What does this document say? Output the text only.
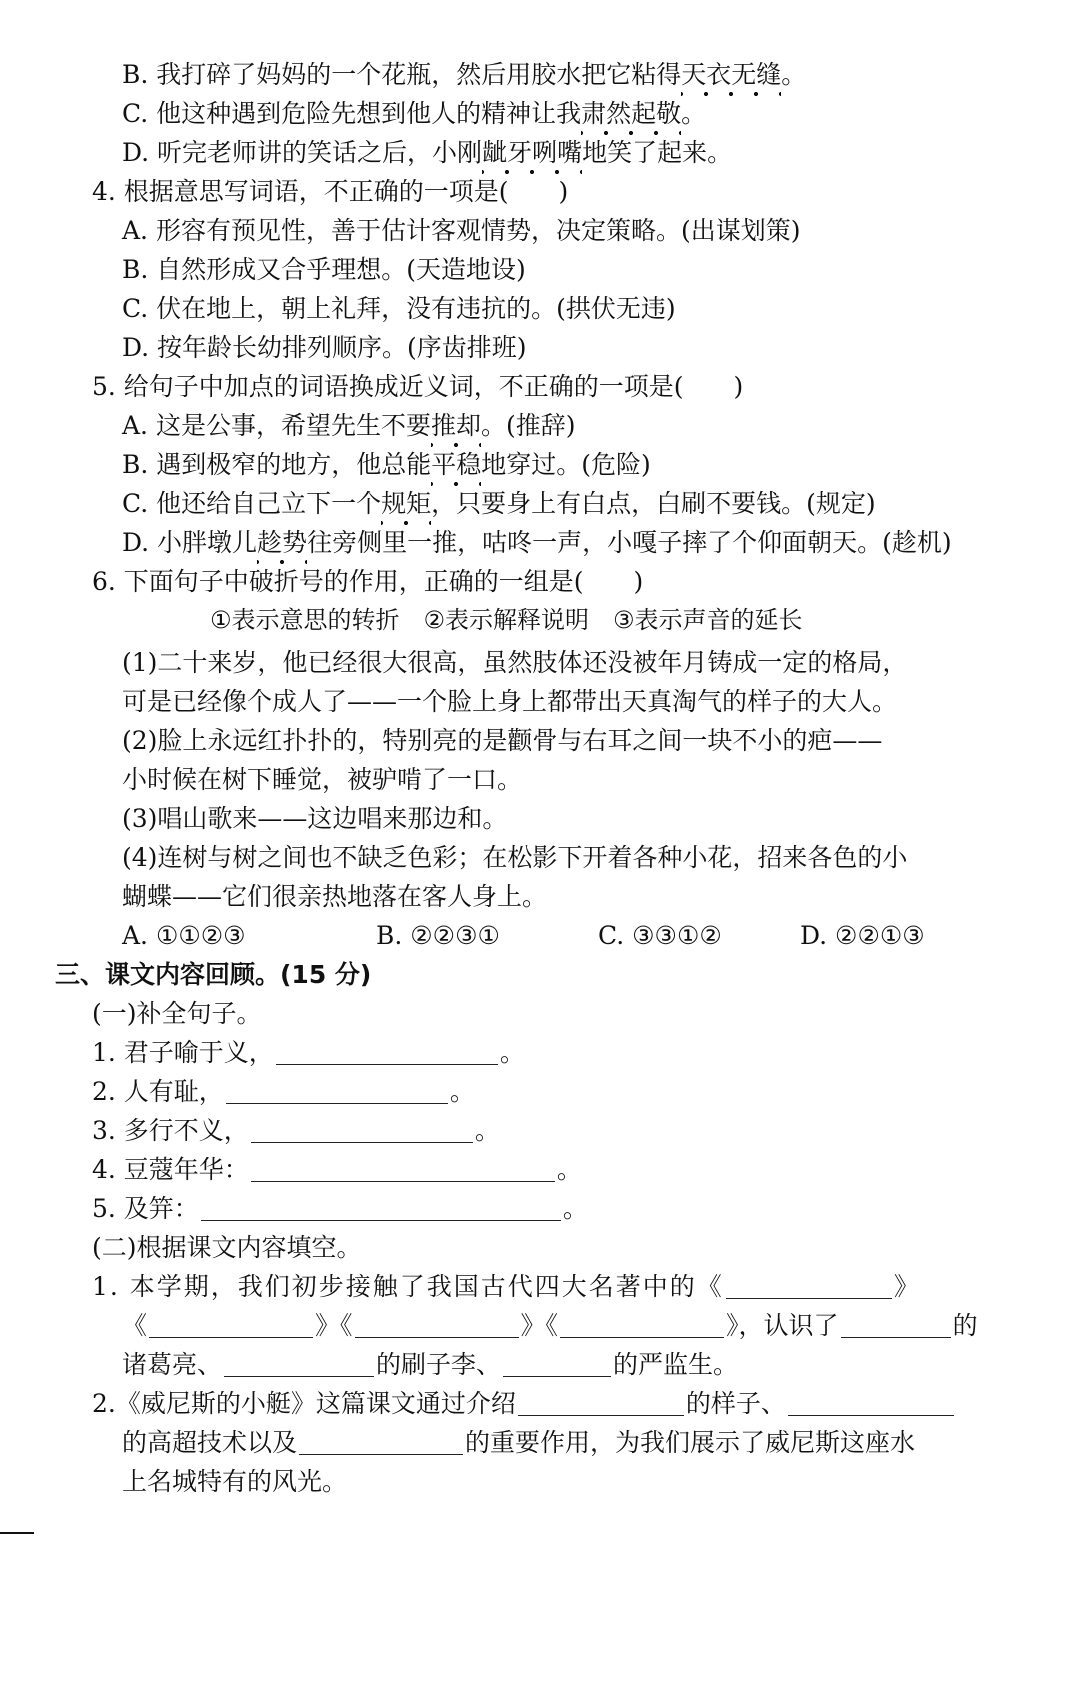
B. 我打碎了妈妈的一个花瓶，然后用胶水把它粘得天衣无缝。
C. 他这种遇到危险先想到他人的精神让我肃然起敬。
D. 听完老师讲的笑话之后，小刚龇牙咧嘴地笑了起来。
4. 根据意思写词语，不正确的一项是(　　)
A. 形容有预见性，善于估计客观情势，决定策略。(出谋划策)
B. 自然形成又合乎理想。(天造地设)
C. 伏在地上，朝上礼拜，没有违抗的。(拱伏无违)
D. 按年龄长幼排列顺序。(序齿排班)
5. 给句子中加点的词语换成近义词，不正确的一项是(　　)
A. 这是公事，希望先生不要推却。(推辞)
B. 遇到极窄的地方，他总能平稳地穿过。(危险)
C. 他还给自己立下一个规矩，只要身上有白点，白刷不要钱。(规定)
D. 小胖墩儿趁势往旁侧里一推，咕咚一声，小嘎子摔了个仰面朝天。(趁机)
6. 下面句子中破折号的作用，正确的一组是(　　)
①表示意思的转折　②表示解释说明　③表示声音的延长
(1)二十来岁，他已经很大很高，虽然肢体还没被年月铸成一定的格局，
可是已经像个成人了——一个脸上身上都带出天真淘气的样子的大人。
(2)脸上永远红扑扑的，特别亮的是颧骨与右耳之间一块不小的疤——
小时候在树下睡觉，被驴啃了一口。
(3)唱山歌来——这边唱来那边和。
(4)连树与树之间也不缺乏色彩；在松影下开着各种小花，招来各色的小
蝴蝶——它们很亲热地落在客人身上。
A. ①①②③	B. ②②③①	C. ③③①②	D. ②②①③
三、课文内容回顾。(15 分)
(一)补全句子。
1. 君子喻于义，	。
2. 人有耻，	。
3. 多行不义，	。
4. 豆蔻年华：	。
5. 及笄：	。
(二)根据课文内容填空。
1. 本学期，我们初步接触了我国古代四大名著中的《	》
《	》《	》《	》，认识了	的
诸葛亮、	的刷子李、	的严监生。
2.《威尼斯的小艇》这篇课文通过介绍	的样子、
的高超技术以及	的重要作用，为我们展示了威尼斯这座水
上名城特有的风光。
